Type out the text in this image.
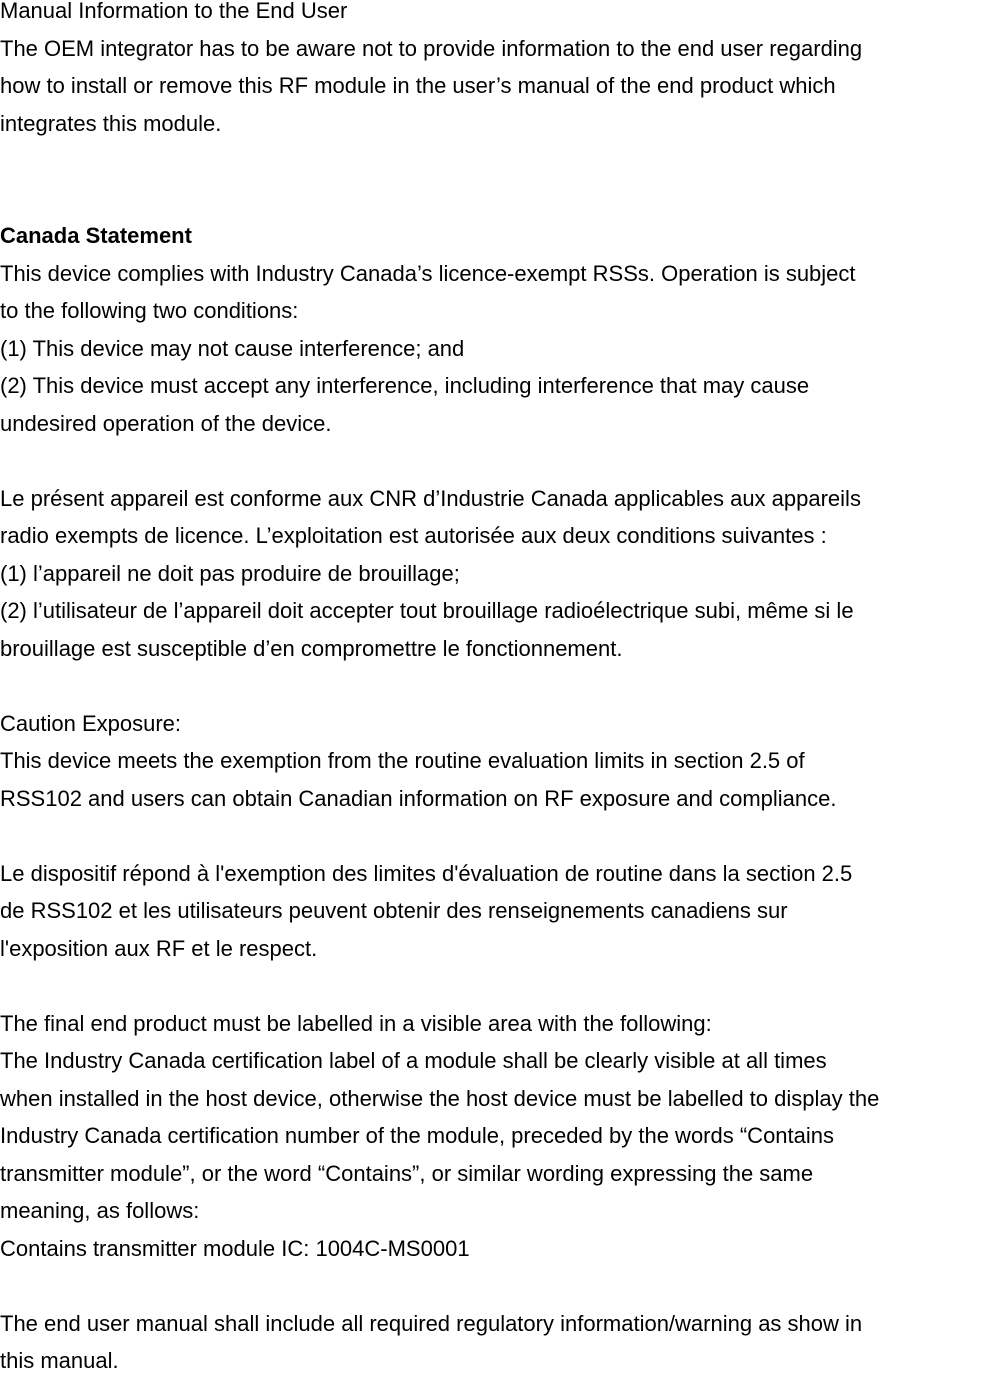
Manual Information to the End User
The OEM integrator has to be aware not to provide information to the end user regarding
how to install or remove this RF module in the user’s manual of the end product which
integrates this module.
Canada Statement
This device complies with Industry Canada’s licence-exempt RSSs. Operation is subject
to the following two conditions:
(1) This device may not cause interference; and
(2) This device must accept any interference, including interference that may cause
undesired operation of the device.
Le présent appareil est conforme aux CNR d’Industrie Canada applicables aux appareils
radio exempts de licence. L’exploitation est autorisée aux deux conditions suivantes :
(1) l’appareil ne doit pas produire de brouillage;
(2) l’utilisateur de l’appareil doit accepter tout brouillage radioélectrique subi, même si le
brouillage est susceptible d’en compromettre le fonctionnement.
Caution Exposure:
This device meets the exemption from the routine evaluation limits in section 2.5 of
RSS102 and users can obtain Canadian information on RF exposure and compliance.
Le dispositif répond à l'exemption des limites d'évaluation de routine dans la section 2.5
de RSS102 et les utilisateurs peuvent obtenir des renseignements canadiens sur
l'exposition aux RF et le respect.
The final end product must be labelled in a visible area with the following:
The Industry Canada certification label of a module shall be clearly visible at all times
when installed in the host device, otherwise the host device must be labelled to display the
Industry Canada certification number of the module, preceded by the words “Contains
transmitter module”, or the word “Contains”, or similar wording expressing the same
meaning, as follows:
Contains transmitter module IC: 1004C-MS0001
The end user manual shall include all required regulatory information/warning as show in
this manual.
